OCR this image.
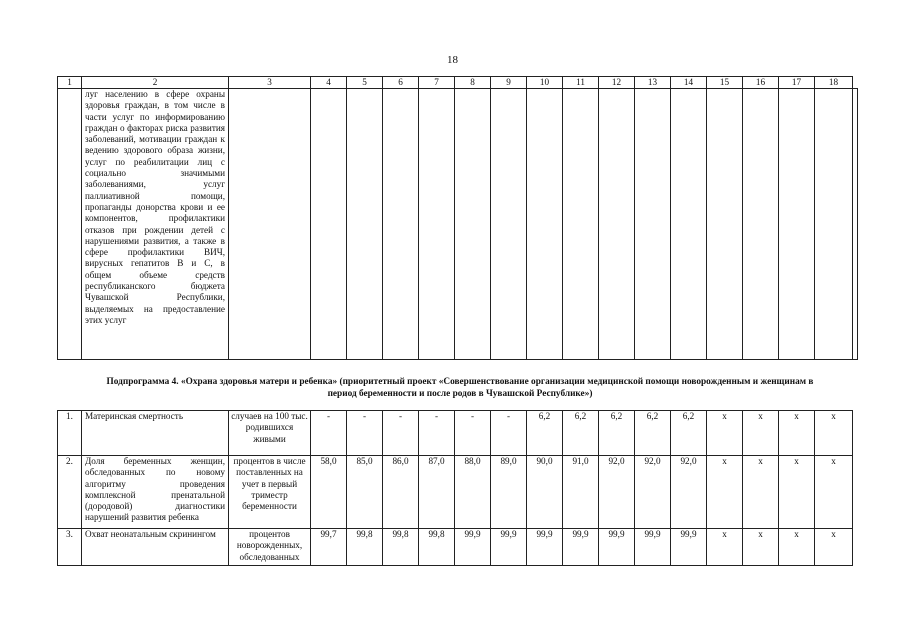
18
1	2	3	4	5	6	7	8	9	10	11	12	13	14	15	16	17	18	
	луг населению в сфере охраны здоровья граждан, в том числе в части услуг по информированию граждан о факторах риска развития заболеваний, мотивации граждан к ведению здорового образа жизни, услуг по реабилитации лиц с социально значимыми заболеваниями, услуг паллиативной помощи, пропаганды донорства крови и ее компонентов, профилактики отказов при рождении детей с нарушениями развития, а также в сфере профилактики ВИЧ, вирусных гепатитов В и С, в общем объеме средств республиканского бюджета Чувашской Республики, выделяемых на предоставление этих услуг																	
Подпрограмма 4. «Охрана здоровья матери и ребенка» (приоритетный проект «Совершенствование организации медицинской помощи новорожденным и женщинам в период беременности и после родов в Чувашской Республике»)
1.	Материнская смертность	случаев на 100 тыс. родившихся живыми	-	-	-	-	-	-	6,2	6,2	6,2	6,2	6,2	x	x	x	x
2.	Доля беременных женщин, обследованных по новому алгоритму проведения комплексной пренатальной (дородовой) диагностики нарушений развития ребенка	процентов в числе поставленных на учет в первый триместр беременности	58,0	85,0	86,0	87,0	88,0	89,0	90,0	91,0	92,0	92,0	92,0	x	x	x	x
3.	Охват неонатальным скринингом	процентов новорожденных, обследованных	99,7	99,8	99,8	99,8	99,9	99,9	99,9	99,9	99,9	99,9	99,9	x	x	x	x
